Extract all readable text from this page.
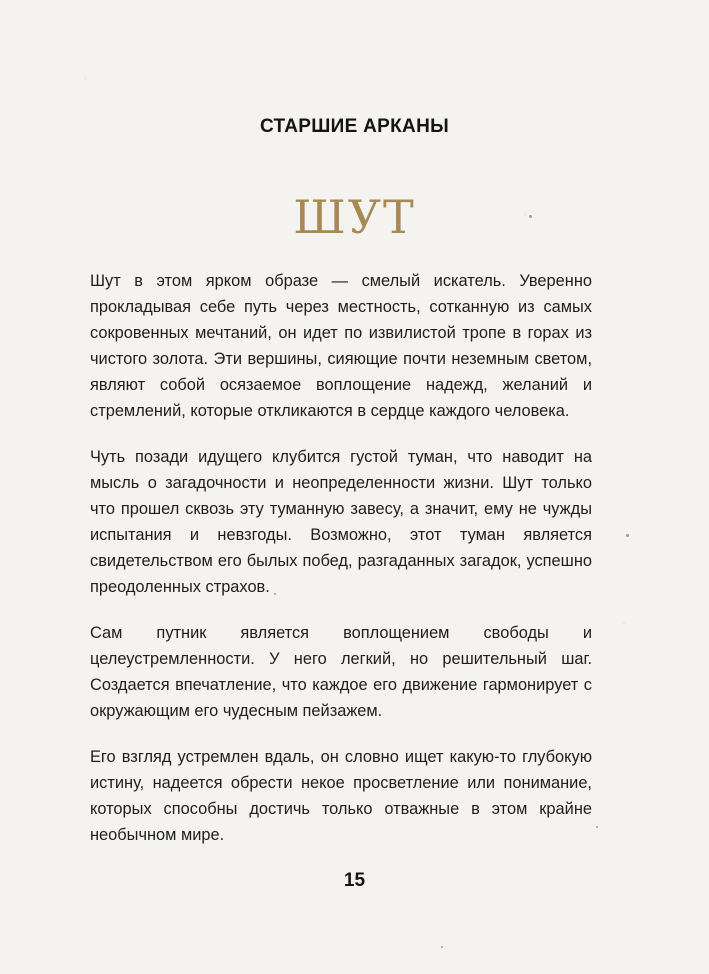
СТАРШИЕ АРКАНЫ
ШУТ

Шут в этом ярком образе — смелый искатель. Уверенно прокладывая себе путь через местность, сотканную из самых сокровенных мечтаний, он идет по извилистой тропе в горах из чистого золота. Эти вершины, сияющие почти неземным светом, являют собой осязаемое воплощение надежд, желаний и стремлений, которые откликаются в сердце каждого человека.

Чуть позади идущего клубится густой туман, что наводит на мысль о загадочности и неопределенности жизни. Шут только что прошел сквозь эту туманную завесу, а значит, ему не чужды испытания и невзгоды. Возможно, этот туман является свидетельством его былых побед, разгаданных загадок, успешно преодоленных страхов.

Сам путник является воплощением свободы и целеустремленности. У него легкий, но решительный шаг. Создается впечатление, что каждое его движение гармонирует с окружающим его чудесным пейзажем.

Его взгляд устремлен вдаль, он словно ищет какую-то глубокую истину, надеется обрести некое просветление или понимание, которых способны достичь только отважные в этом крайне необычном мире.

15
